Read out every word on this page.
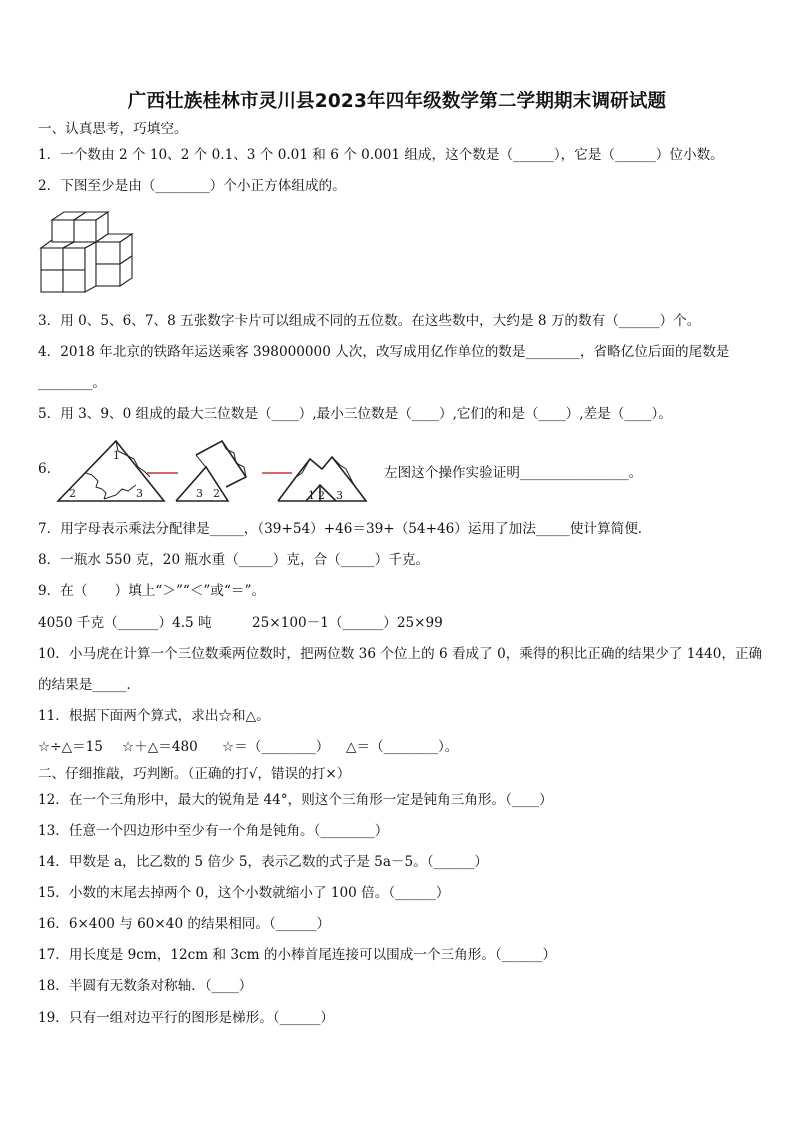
广西壮族桂林市灵川县2023年四年级数学第二学期期末调研试题
一、认真思考，巧填空。
1．一个数由 2 个 10、2 个 0.1、3 个 0.01 和 6 个 0.001 组成，这个数是（______），它是（______）位小数。
2．下图至少是由（________）个小正方体组成的。
3．用 0、5、6、7、8 五张数字卡片可以组成不同的五位数。在这些数中，大约是 8 万的数有（______）个。
4．2018 年北京的铁路年运送乘客 398000000 人次，改写成用亿作单位的数是________，省略亿位后面的尾数是
________。
5．用 3、9、0 组成的最大三位数是（____）,最小三位数是（____）,它们的和是（____）,差是（____）。
6.
1
2	3	3 2	1 2 3
左图这个操作实验证明________________。
7．用字母表示乘法分配律是_____，（39+54）+46＝39+（54+46）运用了加法_____使计算简便．
8．一瓶水 550 克，20 瓶水重（_____）克，合（_____）千克。
9．在（　　）填上“＞”“＜”或“＝”。
4050 千克（______）4.5 吨	25×100－1（______）25×99
10．小马虎在计算一个三位数乘两位数时，把两位数 36 个位上的 6 看成了 0，乘得的积比正确的结果少了 1440，正确
的结果是_____.
11．根据下面两个算式，求出☆和△。
☆÷△＝15 ☆＋△＝480 ☆＝（________） △＝（________）。
二、仔细推敲，巧判断。（正确的打√，错误的打×）
12．在一个三角形中，最大的锐角是 44°，则这个三角形一定是钝角三角形。（____）
13．任意一个四边形中至少有一个角是钝角。（________）
14．甲数是 a，比乙数的 5 倍少 5，表示乙数的式子是 5a－5。（______）
15．小数的末尾去掉两个 0，这个小数就缩小了 100 倍。（______）
16．6×400 与 60×40 的结果相同。（______）
17．用长度是 9cm，12cm 和 3cm 的小棒首尾连接可以围成一个三角形。（______）
18．半圆有无数条对称轴．（____）
19．只有一组对边平行的图形是梯形。（______）
